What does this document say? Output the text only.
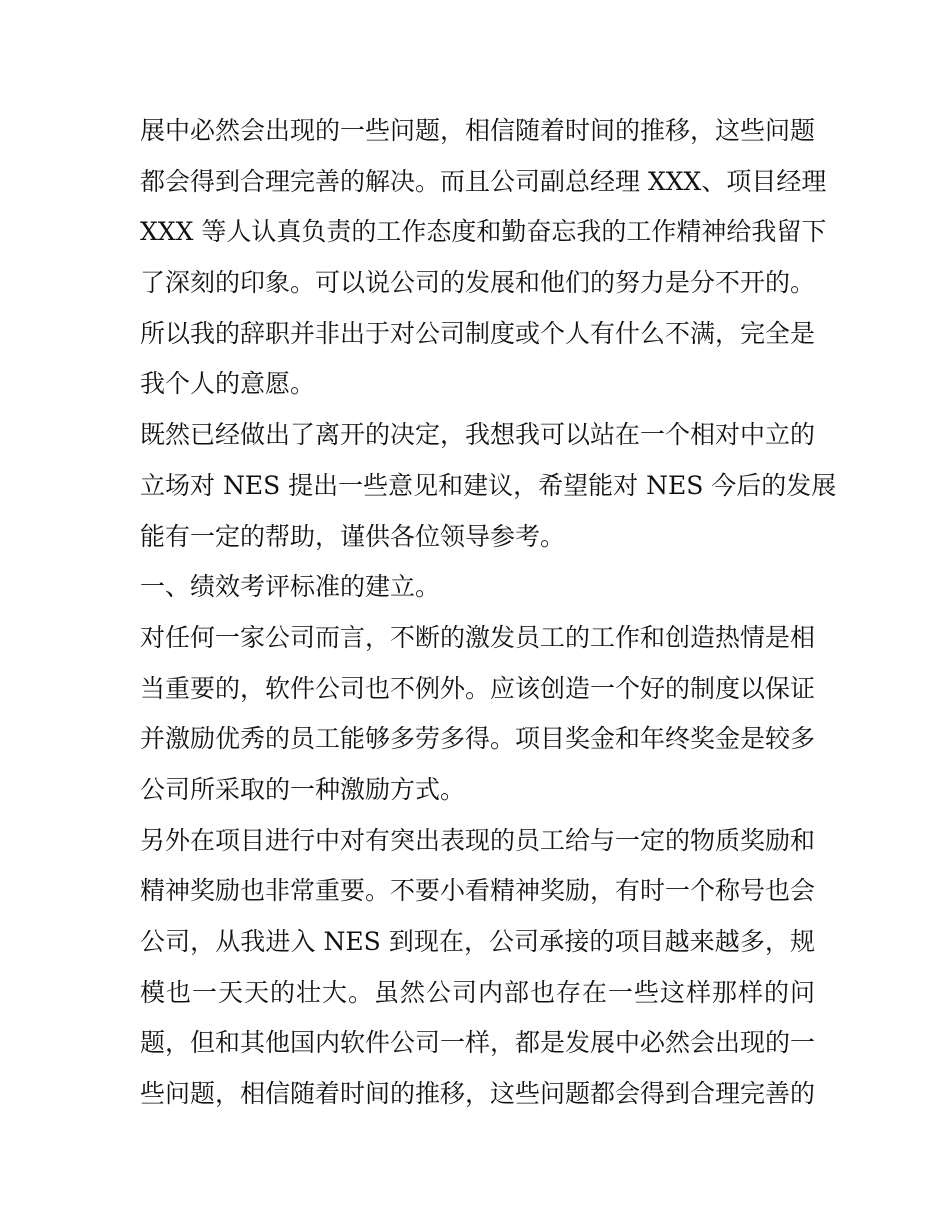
展中必然会出现的一些问题，相信随着时间的推移，这些问题
都会得到合理完善的解决。而且公司副总经理 XXX、项目经理
XXX 等人认真负责的工作态度和勤奋忘我的工作精神给我留下
了深刻的印象。可以说公司的发展和他们的努力是分不开的。
所以我的辞职并非出于对公司制度或个人有什么不满，完全是
我个人的意愿。
既然已经做出了离开的决定，我想我可以站在一个相对中立的
立场对 NES 提出一些意见和建议，希望能对 NES 今后的发展
能有一定的帮助，谨供各位领导参考。
一、绩效考评标准的建立。
对任何一家公司而言，不断的激发员工的工作和创造热情是相
当重要的，软件公司也不例外。应该创造一个好的制度以保证
并激励优秀的员工能够多劳多得。项目奖金和年终奖金是较多
公司所采取的一种激励方式。
另外在项目进行中对有突出表现的员工给与一定的物质奖励和
精神奖励也非常重要。不要小看精神奖励，有时一个称号也会
公司，从我进入 NES 到现在，公司承接的项目越来越多，规
模也一天天的壮大。虽然公司内部也存在一些这样那样的问
题，但和其他国内软件公司一样，都是发展中必然会出现的一
些问题，相信随着时间的推移，这些问题都会得到合理完善的
